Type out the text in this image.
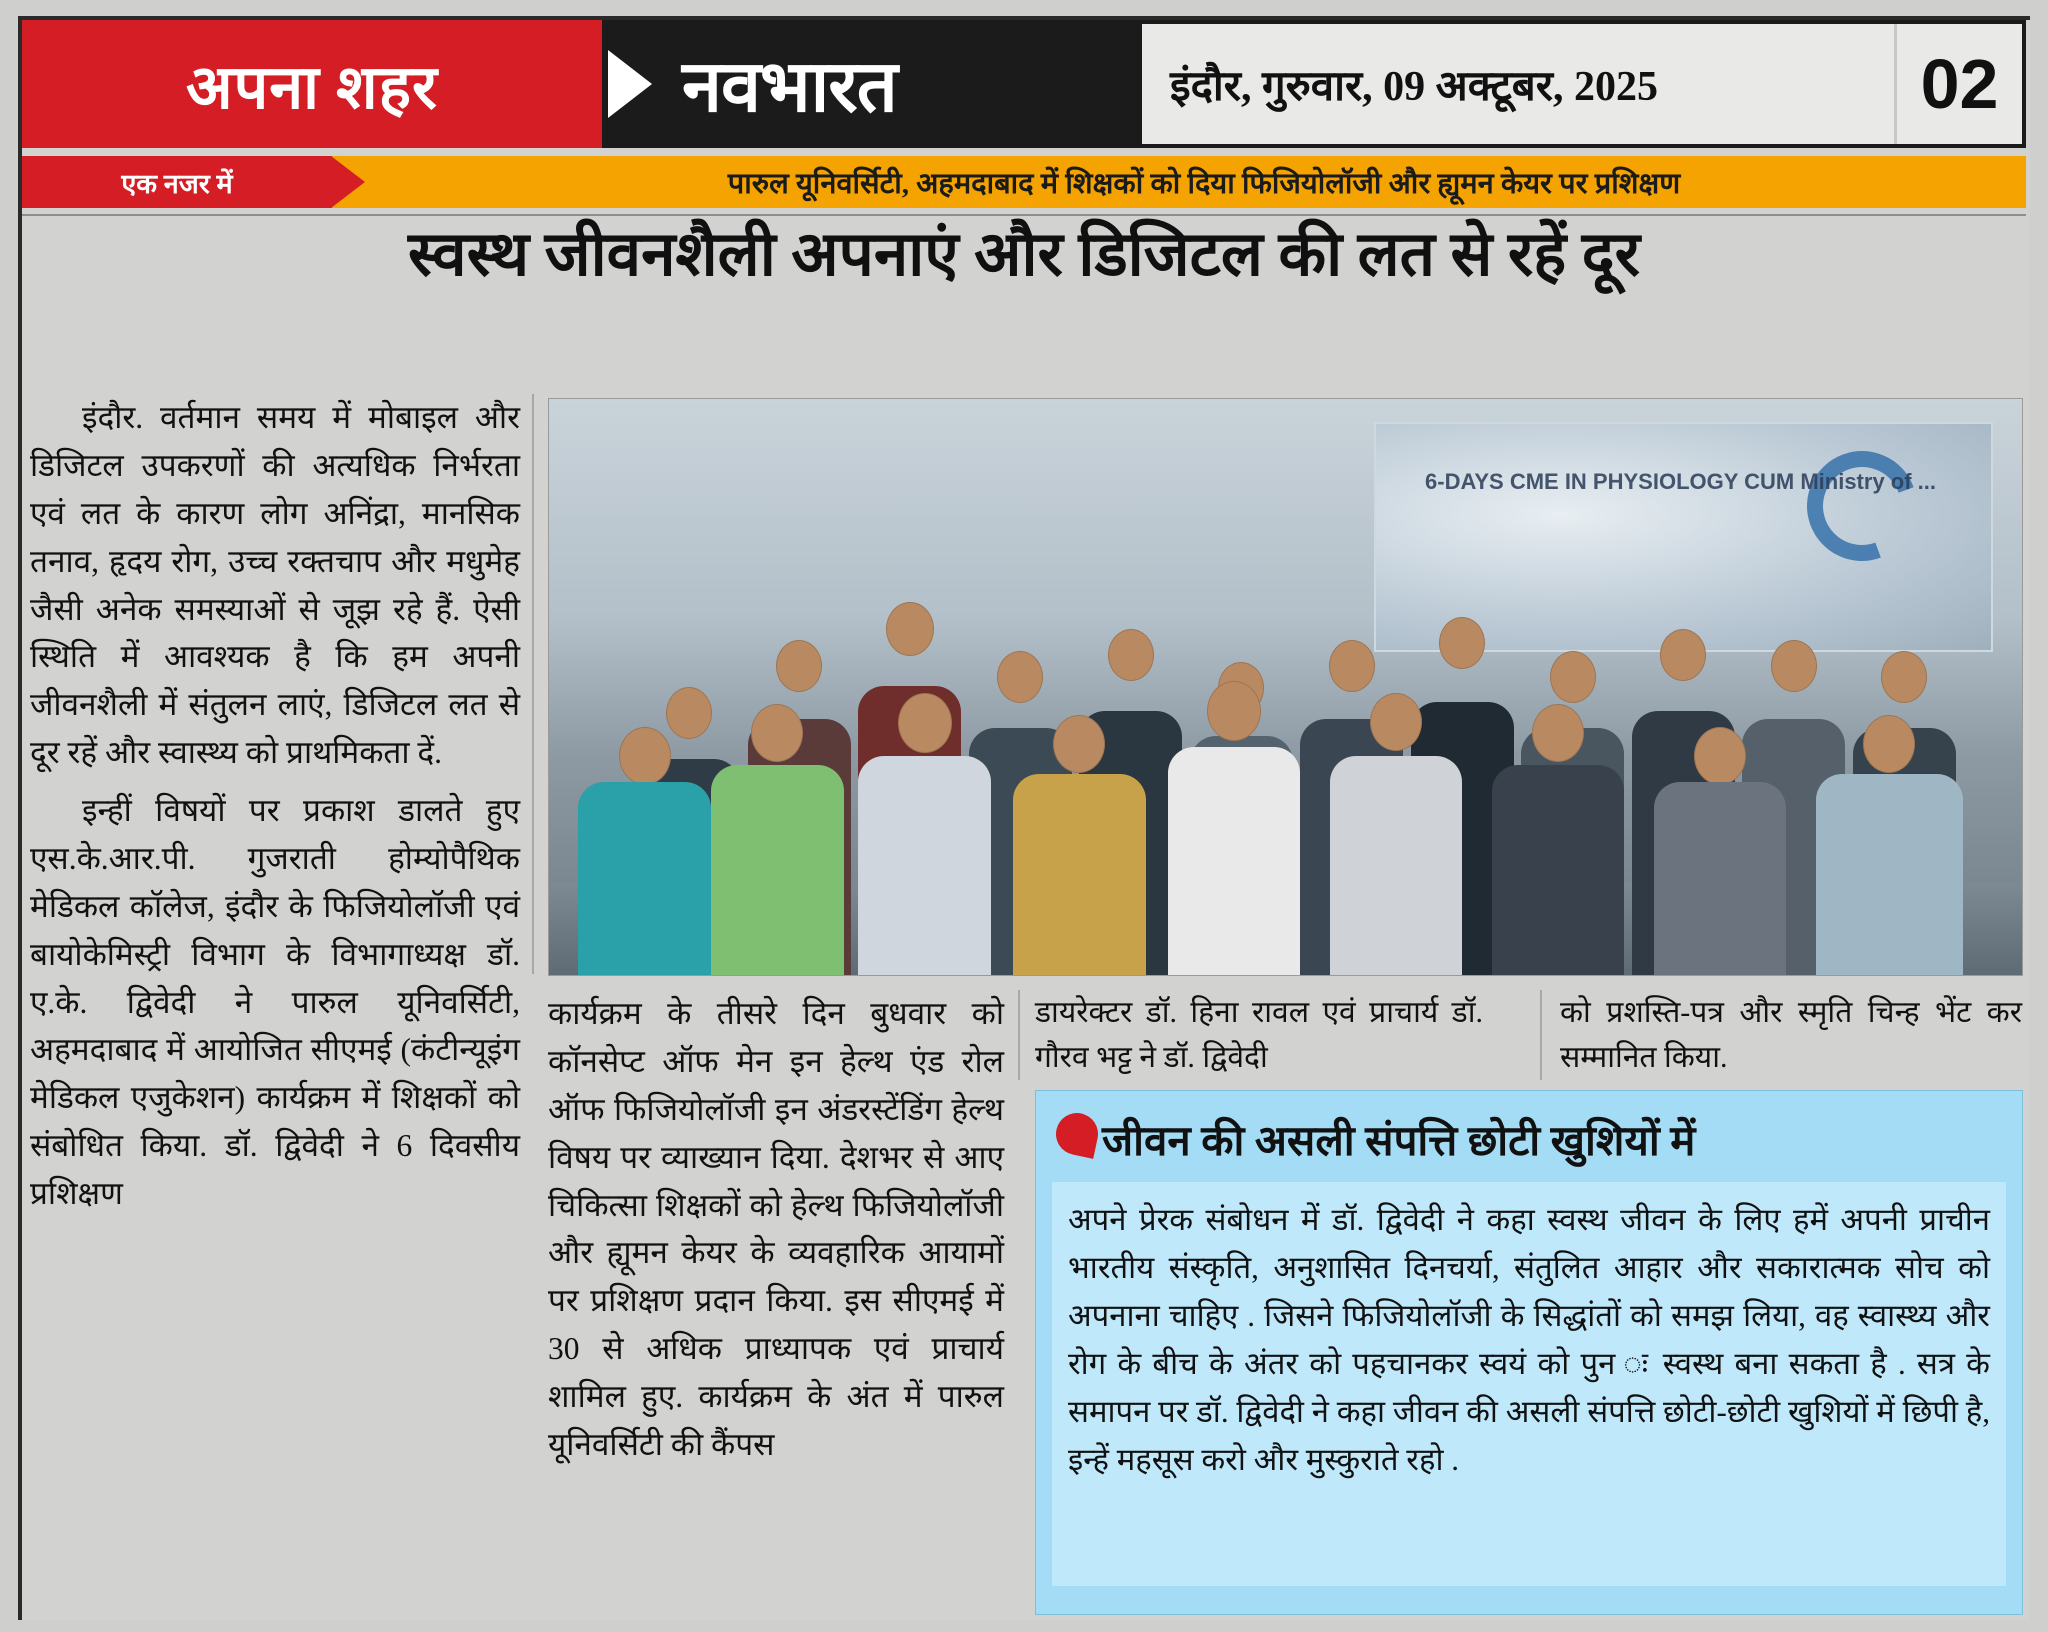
अपना शहर	नवभारत	इंदौर, गुरुवार, 09 अक्टूबर, 2025	02
एक नजर में	पारुल यूनिवर्सिटी, अहमदाबाद में शिक्षकों को दिया फिजियोलॉजी और ह्यूमन केयर पर प्रशिक्षण
स्वस्थ जीवनशैली अपनाएं और डिजिटल की लत से रहें दूर

इंदौर. वर्तमान समय में मोबाइल और डिजिटल उपकरणों की अत्यधिक निर्भरता एवं लत के कारण लोग अनिंद्रा, मानसिक तनाव, हृदय रोग, उच्च रक्तचाप और मधुमेह जैसी अनेक समस्याओं से जूझ रहे हैं. ऐसी स्थिति में आवश्यक है कि हम अपनी जीवनशैली में संतुलन लाएं, डिजिटल लत से दूर रहें और स्वास्थ्य को प्राथमिकता दें.

इन्हीं विषयों पर प्रकाश डालते हुए एस.के.आर.पी. गुजराती होम्योपैथिक मेडिकल कॉलेज, इंदौर के फिजियोलॉजी एवं बायोकेमिस्ट्री विभाग के विभागाध्यक्ष डॉ. ए.के. द्विवेदी ने पारुल यूनिवर्सिटी, अहमदाबाद में आयोजित सीएमई (कंटीन्यूइंग मेडिकल एजुकेशन) कार्यक्रम में शिक्षकों को संबोधित किया. डॉ. द्विवेदी ने 6 दिवसीय प्रशिक्षण

6-DAYS CME IN PHYSIOLOGY CUM Ministry of ...
कार्यक्रम के तीसरे दिन बुधवार को कॉनसेप्ट ऑफ मेन इन हेल्थ एंड रोल ऑफ फिजियोलॉजी इन अंडरस्टेंडिंग हेल्थ विषय पर व्याख्यान दिया. देशभर से आए चिकित्सा शिक्षकों को हेल्थ फिजियोलॉजी और ह्यूमन केयर के व्यवहारिक आयामों पर प्रशिक्षण प्रदान किया. इस सीएमई में 30 से अधिक प्राध्यापक एवं प्राचार्य शामिल हुए. कार्यक्रम के अंत में पारुल यूनिवर्सिटी की कैंपस
डायरेक्टर डॉ. हिना रावल एवं प्राचार्य डॉ. गौरव भट्ट ने डॉ. द्विवेदी
को प्रशस्ति-पत्र और स्मृति चिन्ह भेंट कर सम्मानित किया.
जीवन की असली संपत्ति छोटी खुशियों में
अपने प्रेरक संबोधन में डॉ. द्विवेदी ने कहा स्वस्थ जीवन के लिए हमें अपनी प्राचीन भारतीय संस्कृति, अनुशासित दिनचर्या, संतुलित आहार और सकारात्मक सोच को अपनाना चाहिए . जिसने फिजियोलॉजी के सिद्धांतों को समझ लिया, वह स्वास्थ्य और रोग के बीच के अंतर को पहचानकर स्वयं को पुन ः स्वस्थ बना सकता है . सत्र के समापन पर डॉ. द्विवेदी ने कहा जीवन की असली संपत्ति छोटी-छोटी खुशियों में छिपी है, इन्हें महसूस करो और मुस्कुराते रहो .
